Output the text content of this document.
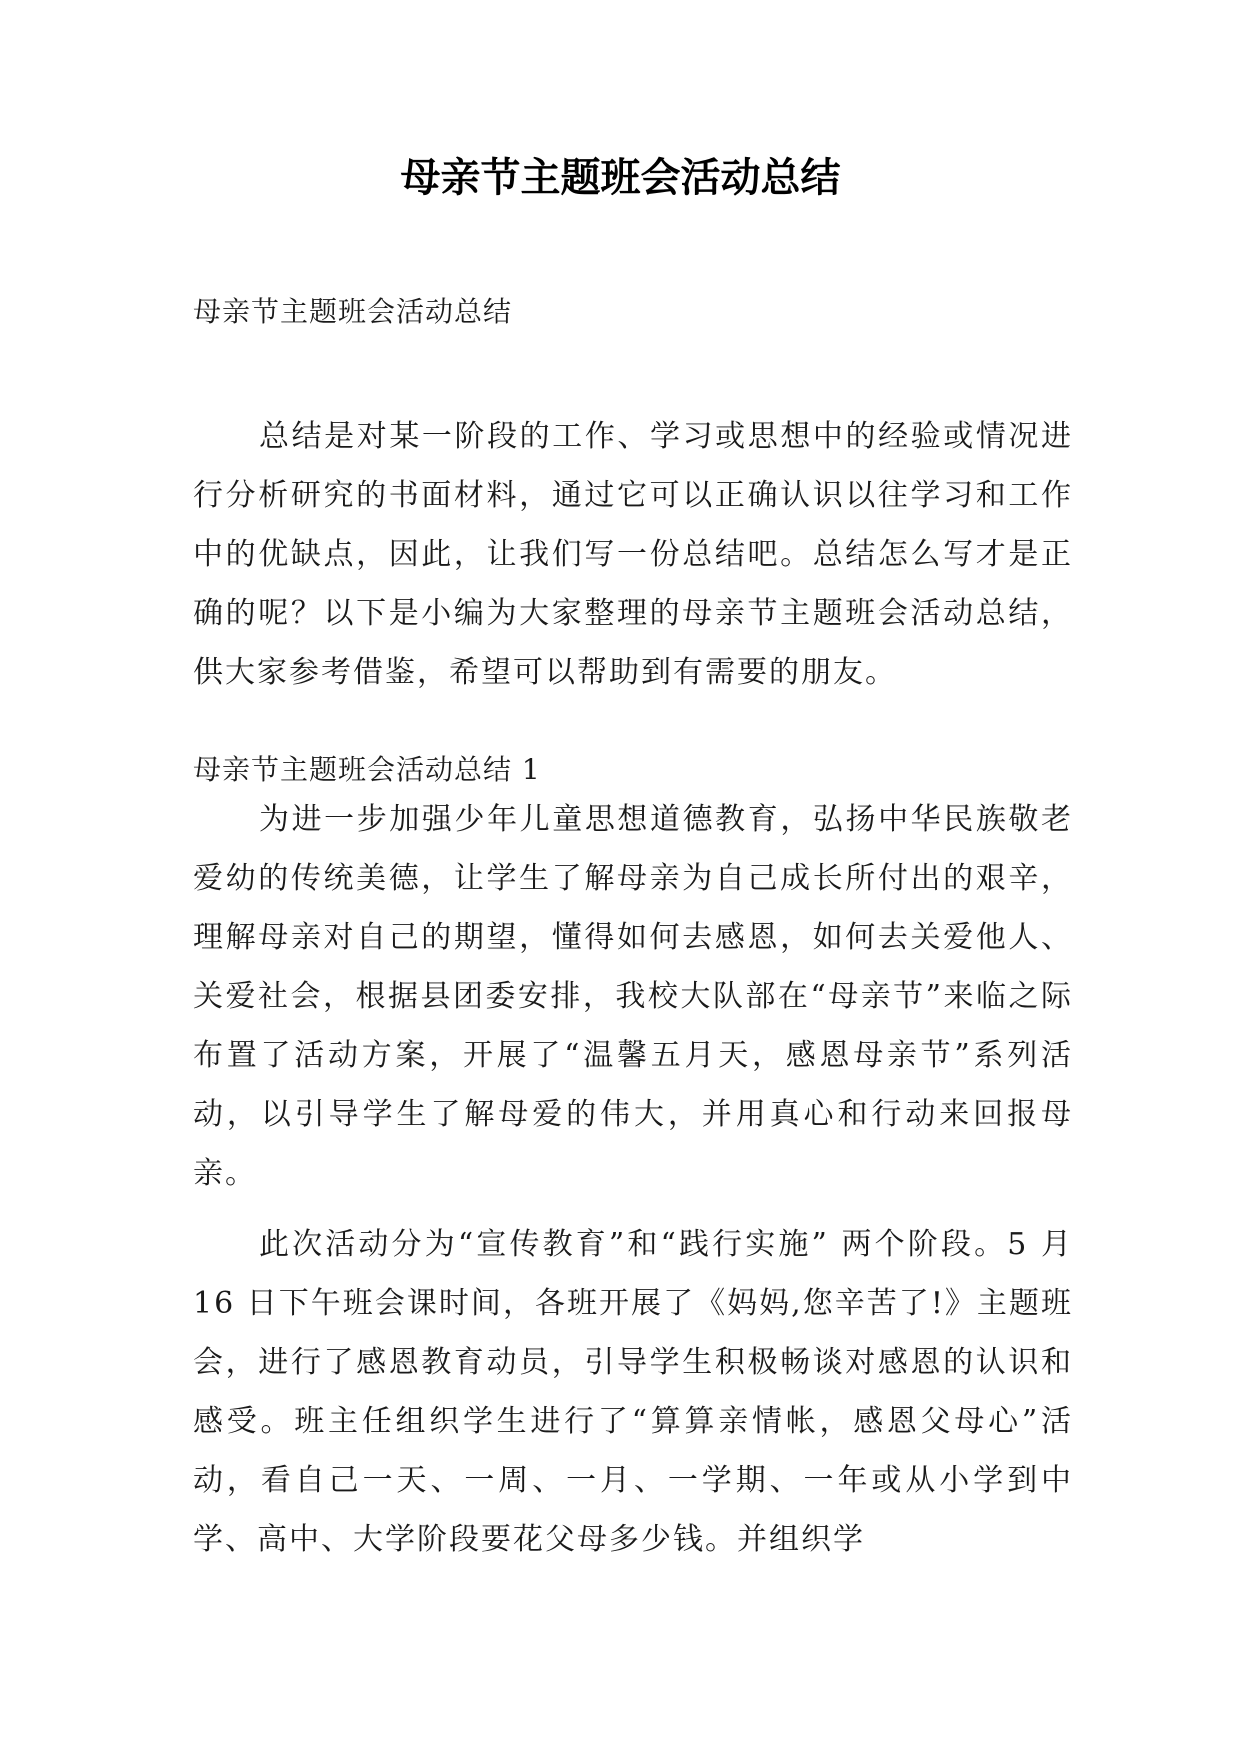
母亲节主题班会活动总结

母亲节主题班会活动总结

总结是对某一阶段的工作、学习或思想中的经验或情况进行分析研究的书面材料，通过它可以正确认识以往学习和工作中的优缺点，因此，让我们写一份总结吧。总结怎么写才是正确的呢？以下是小编为大家整理的母亲节主题班会活动总结，供大家参考借鉴，希望可以帮助到有需要的朋友。

母亲节主题班会活动总结 1

为进一步加强少年儿童思想道德教育，弘扬中华民族敬老爱幼的传统美德，让学生了解母亲为自己成长所付出的艰辛，理解母亲对自己的期望，懂得如何去感恩，如何去关爱他人、关爱社会，根据县团委安排，我校大队部在“母亲节”来临之际布置了活动方案，开展了“温馨五月天，感恩母亲节”系列活动，以引导学生了解母爱的伟大，并用真心和行动来回报母亲。

此次活动分为“宣传教育”和“践行实施” 两个阶段。5 月 16 日下午班会课时间，各班开展了《妈妈,您辛苦了!》主题班会，进行了感恩教育动员，引导学生积极畅谈对感恩的认识和感受。班主任组织学生进行了“算算亲情帐，感恩父母心”活动，看自己一天、一周、一月、一学期、一年或从小学到中学、高中、大学阶段要花父母多少钱。并组织学
